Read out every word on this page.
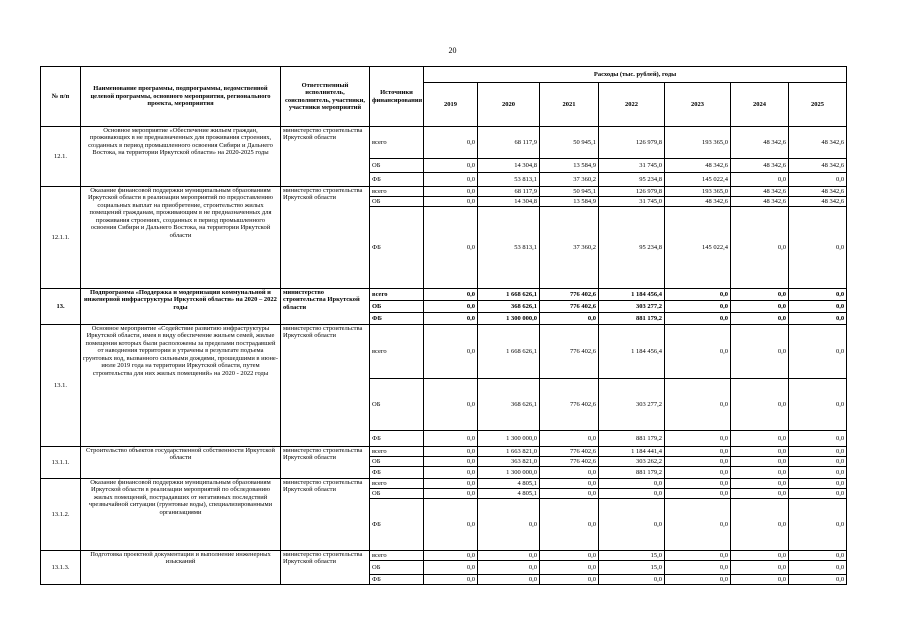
20
№ п/п	Наименование программы, подпрограммы, ведомственной целевой программы, основного мероприятия, регионального проекта, мероприятия	Ответственный исполнитель, соисполнитель, участники, участники мероприятий	Источники финансирования	Расходы (тыс. рублей), годы						
				2019	2020	2021	2022	2023	2024	2025
12.1.	Основное мероприятие «Обеспечение жильем граждан, проживающих в не предназначенных для проживания строениях, созданных в период промышленного освоения Сибири и Дальнего Востока, на территории Иркутской области» на 2020-2025 годы	министерство строительства Иркутской области	всего	0,0	68 117,9	50 945,1	126 979,8	193 365,0	48 342,6	48 342,6
			ОБ	0,0	14 304,8	13 584,9	31 745,0	48 342,6	48 342,6	48 342,6
			ФБ	0,0	53 813,1	37 360,2	95 234,8	145 022,4	0,0	0,0
12.1.1.	Оказание финансовой поддержки муниципальным образованиям Иркутской области в реализации мероприятий по предоставлению социальных выплат на приобретение, строительство жилых помещений гражданам, проживающим в не предназначенных для проживания строениях, созданных в период промышленного освоения Сибири и Дальнего Востока, на территории Иркутской области	министерство строительства Иркутской области	всего	0,0	68 117,9	50 945,1	126 979,8	193 365,0	48 342,6	48 342,6
			ОБ	0,0	14 304,8	13 584,9	31 745,0	48 342,6	48 342,6	48 342,6
			ФБ	0,0	53 813,1	37 360,2	95 234,8	145 022,4	0,0	0,0
13.	Подпрограмма «Поддержка и модернизация коммунальной и инженерной инфраструктуры Иркутской области» на 2020 – 2022 годы	министерство строительства Иркутской области	всего	0,0	1 668 626,1	776 402,6	1 184 456,4	0,0	0,0	0,0
			ОБ	0,0	368 626,1	776 402,6	303 277,2	0,0	0,0	0,0
			ФБ	0,0	1 300 000,0	0,0	881 179,2	0,0	0,0	0,0
13.1.	Основное мероприятие «Содействие развитию инфраструктуры Иркутской области, имея в виду обеспечение жильем семей, жилые помещения которых были расположены за пределами пострадавшей от наводнения территории и утрачены в результате подъема грунтовых вод, вызванного сильными дождями, прошедшими в июне-июле 2019 года на территории Иркутской области, путем строительства для них жилых помещений» на 2020 - 2022 годы	министерство строительства Иркутской области	всего	0,0	1 668 626,1	776 402,6	1 184 456,4	0,0	0,0	0,0
			ОБ	0,0	368 626,1	776 402,6	303 277,2	0,0	0,0	0,0
			ФБ	0,0	1 300 000,0	0,0	881 179,2	0,0	0,0	0,0
13.1.1.	Строительство объектов государственной собственности Иркутской области	министерство строительства Иркутской области	всего	0,0	1 663 821,0	776 402,6	1 184 441,4	0,0	0,0	0,0
			ОБ	0,0	363 821,0	776 402,6	303 262,2	0,0	0,0	0,0
			ФБ	0,0	1 300 000,0	0,0	881 179,2	0,0	0,0	0,0
13.1.2.	Оказание финансовой поддержки муниципальным образованиям Иркутской области в реализации мероприятий по обследованию жилых помещений, пострадавших от негативных последствий чрезвычайной ситуации (грунтовые воды), специализированными организациями	министерство строительства Иркутской области	всего	0,0	4 805,1	0,0	0,0	0,0	0,0	0,0
			ОБ	0,0	4 805,1	0,0	0,0	0,0	0,0	0,0
			ФБ	0,0	0,0	0,0	0,0	0,0	0,0	0,0
13.1.3.	Подготовка проектной документации и выполнение инженерных изысканий	министерство строительства Иркутской области	всего	0,0	0,0	0,0	15,0	0,0	0,0	0,0
			ОБ	0,0	0,0	0,0	15,0	0,0	0,0	0,0
			ФБ	0,0	0,0	0,0	0,0	0,0	0,0	0,0
